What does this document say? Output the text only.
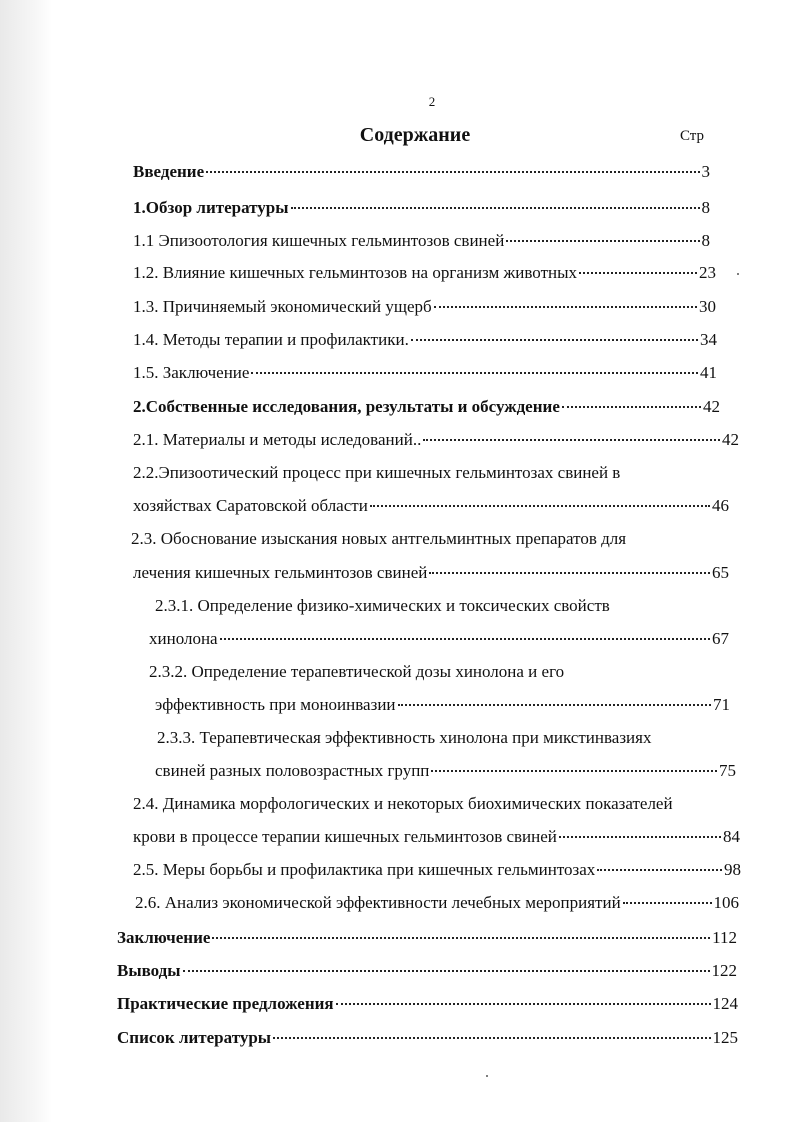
2
Содержание	Стр
Введение	3
1.Обзор литературы	8
1.1 Эпизоотология кишечных гельминтозов свиней	8
1.2. Влияние кишечных гельминтозов на организм животных	23
1.3. Причиняемый экономический ущерб	30
1.4. Методы терапии и профилактики.	34
1.5. Заключение	41
2.Собственные исследования, результаты и обсуждение	42
2.1. Материалы и методы иследований..	42
2.2.Эпизоотический процесс при кишечных гельминтозах свиней в
хозяйствах Саратовской области	46
2.3. Обоснование изыскания новых антгельминтных препаратов для
лечения кишечных гельминтозов свиней	65
2.3.1. Определение физико-химических и токсических свойств
хинолона	67
2.3.2. Определение терапевтической дозы хинолона и его
эффективность при моноинвазии	71
2.3.3. Терапевтическая эффективность хинолона при микстинвазиях
свиней разных половозрастных групп	75
2.4. Динамика морфологических и некоторых биохимических показателей
крови в процессе терапии кишечных гельминтозов свиней	84
2.5. Меры борьбы и профилактика при кишечных гельминтозах	98
2.6. Анализ экономической эффективности лечебных мероприятий	106
Заключение	112
Выводы	122
Практические предложения	124
Список литературы	125
